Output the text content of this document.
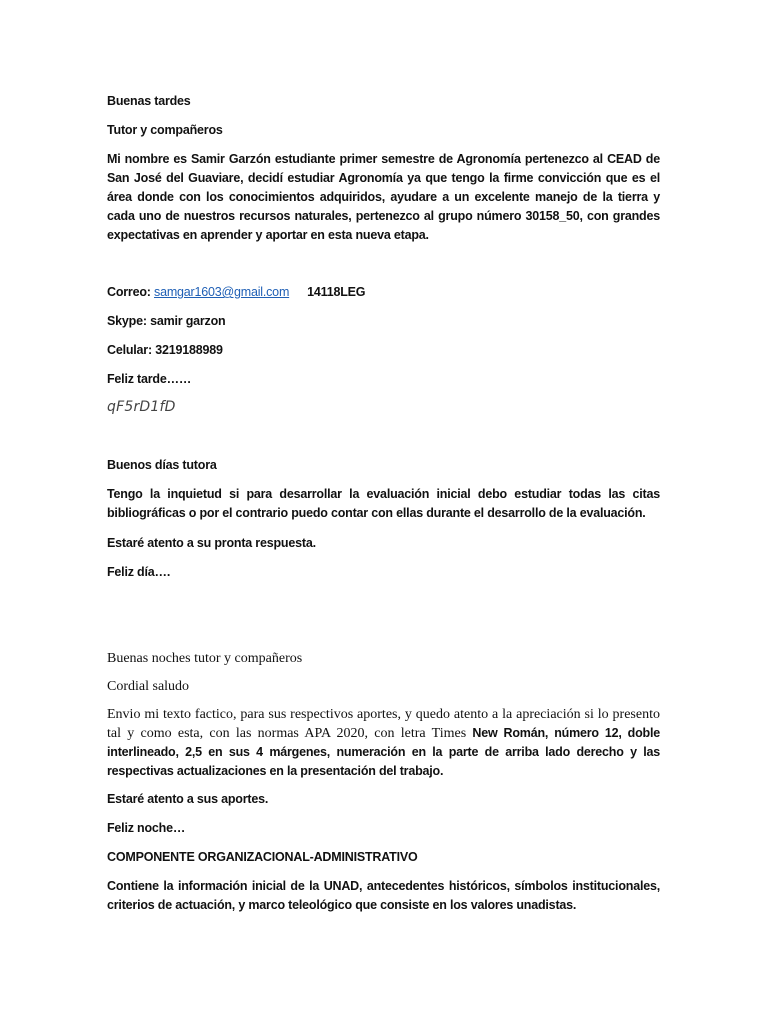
Buenas tardes

Tutor y compañeros

Mi nombre es Samir Garzón estudiante primer semestre de Agronomía pertenezco al CEAD de San José del Guaviare, decidí estudiar Agronomía ya que tengo la firme convicción que es el área donde con los conocimientos adquiridos, ayudare a un excelente manejo de la tierra y cada uno de nuestros recursos naturales, pertenezco al grupo número 30158_50, con grandes expectativas en aprender y aportar en esta nueva etapa.

Correo: samgar1603@gmail.com 14118LEG

Skype: samir garzon

Celular: 3219188989

Feliz tarde……

qF5rD1fD

Buenos días tutora

Tengo la inquietud si para desarrollar la evaluación inicial debo estudiar todas las citas bibliográficas o por el contrario puedo contar con ellas durante el desarrollo de la evaluación.

Estaré atento a su pronta respuesta.

Feliz día….

Buenas noches tutor y compañeros

Cordial saludo

Envio mi texto factico, para sus respectivos aportes, y quedo atento a la apreciación si lo presento tal y como esta, con las normas APA 2020, con letra Times New Román, número 12, doble interlineado, 2,5 en sus 4 márgenes, numeración en la parte de arriba lado derecho y las respectivas actualizaciones en la presentación del trabajo.

Estaré atento a sus aportes.

Feliz noche…

COMPONENTE ORGANIZACIONAL-ADMINISTRATIVO

Contiene la información inicial de la UNAD, antecedentes históricos, símbolos institucionales, criterios de actuación, y marco teleológico que consiste en los valores unadistas.
